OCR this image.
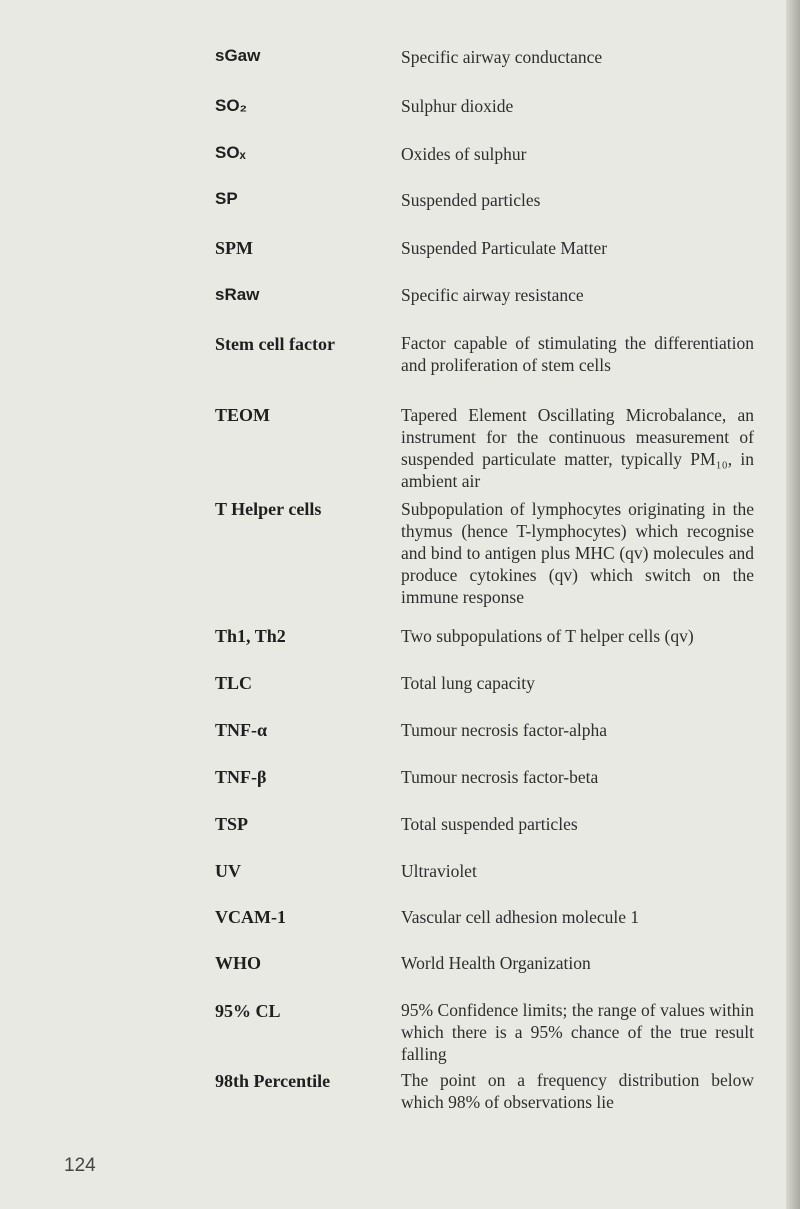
sGaw	Specific airway conductance
SO₂	Sulphur dioxide
SOₓ	Oxides of sulphur
SP	Suspended particles
SPM	Suspended Particulate Matter
sRaw	Specific airway resistance
Stem cell factor	Factor capable of stimulating the differentiation and proliferation of stem cells
TEOM	Tapered Element Oscillating Microbalance, an instrument for the continuous measurement of suspended particulate matter, typically PM₁₀, in ambient air
T Helper cells	Subpopulation of lymphocytes originating in the thymus (hence T-lymphocytes) which recognise and bind to antigen plus MHC (qv) molecules and produce cytokines (qv) which switch on the immune response
Th1, Th2	Two subpopulations of T helper cells (qv)
TLC	Total lung capacity
TNF-α	Tumour necrosis factor-alpha
TNF-β	Tumour necrosis factor-beta
TSP	Total suspended particles
UV	Ultraviolet
VCAM-1	Vascular cell adhesion molecule 1
WHO	World Health Organization
95% CL	95% Confidence limits; the range of values within which there is a 95% chance of the true result falling
98th Percentile	The point on a frequency distribution below which 98% of observations lie
124
